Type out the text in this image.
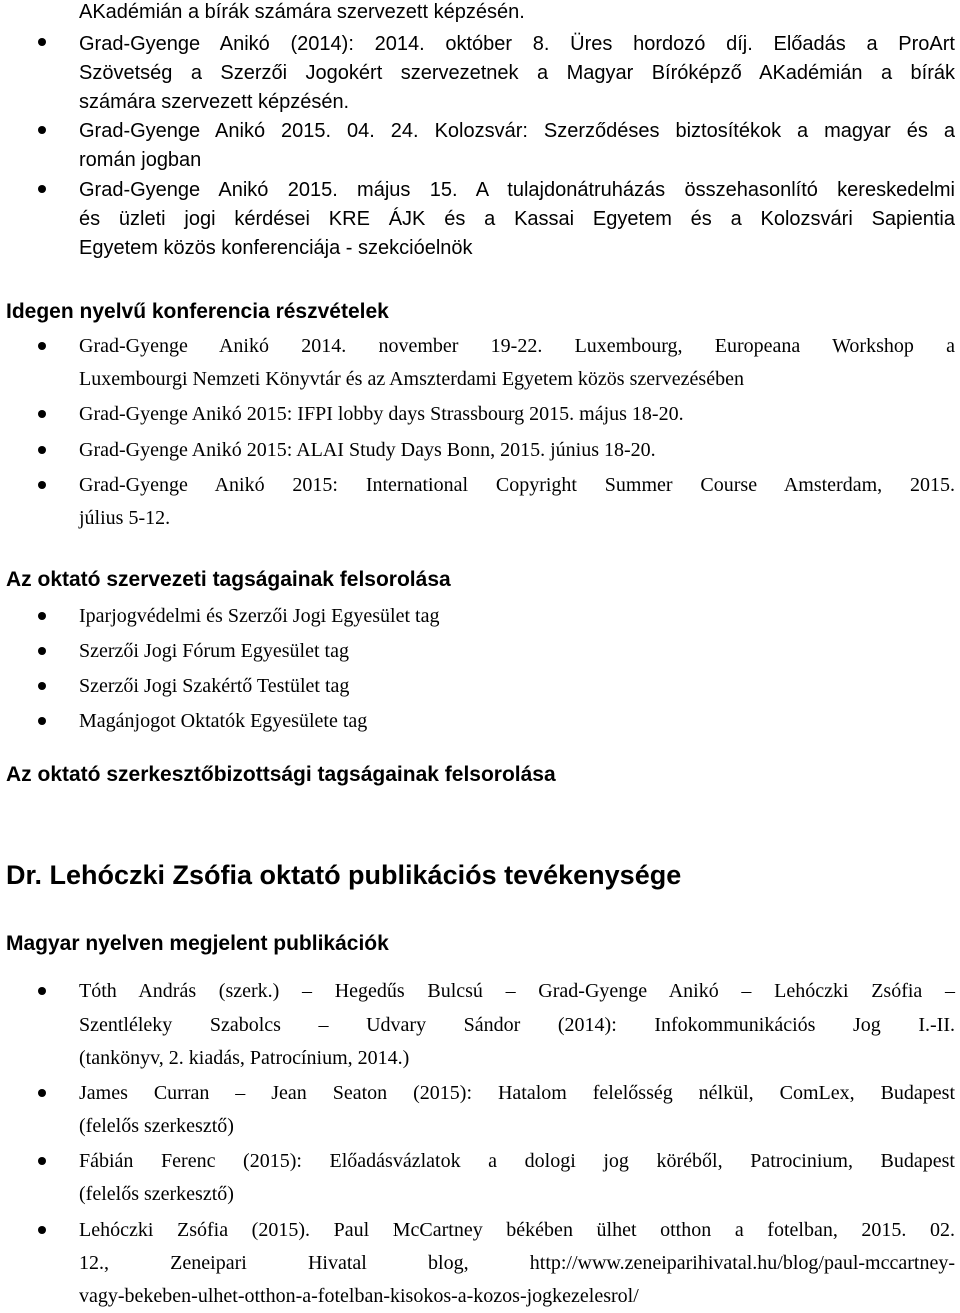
AKadémián a bírák számára szervezett képzésén.
Grad-Gyenge Anikó (2014): 2014. október 8. Üres hordozó díj. Előadás a ProArt
Szövetség a Szerzői Jogokért szervezetnek a Magyar Bíróképző AKadémián a bírák
számára szervezett képzésén.
Grad-Gyenge Anikó 2015. 04. 24. Kolozsvár: Szerződéses biztosítékok a magyar és a
román jogban
Grad-Gyenge Anikó 2015. május 15. A tulajdonátruházás összehasonlító kereskedelmi
és üzleti jogi kérdései KRE ÁJK és a Kassai Egyetem és a Kolozsvári Sapientia
Egyetem közös konferenciája - szekcióelnök
Idegen nyelvű konferencia részvételek
Grad-Gyenge Anikó 2014. november 19-22. Luxembourg, Europeana Workshop a
Luxembourgi Nemzeti Könyvtár és az Amszterdami Egyetem közös szervezésében
Grad-Gyenge Anikó 2015: IFPI lobby days Strassbourg 2015. május 18-20.
Grad-Gyenge Anikó 2015: ALAI Study Days Bonn, 2015. június 18-20.
Grad-Gyenge Anikó 2015: International Copyright Summer Course Amsterdam, 2015.
július 5-12.
Az oktató szervezeti tagságainak felsorolása
Iparjogvédelmi és Szerzői Jogi Egyesület tag
Szerzői Jogi Fórum Egyesület tag
Szerzői Jogi Szakértő Testület tag
Magánjogot Oktatók Egyesülete tag
Az oktató szerkesztőbizottsági tagságainak felsorolása
Dr. Lehóczki Zsófia oktató publikációs tevékenysége
Magyar nyelven megjelent publikációk
Tóth András (szerk.) – Hegedűs Bulcsú – Grad-Gyenge Anikó – Lehóczki Zsófia –
Szentléleky Szabolcs – Udvary Sándor (2014): Infokommunikációs Jog I.-II.
(tankönyv, 2. kiadás, Patrocínium, 2014.)
James Curran – Jean Seaton (2015): Hatalom felelősség nélkül, ComLex, Budapest
(felelős szerkesztő)
Fábián Ferenc (2015): Előadásvázlatok a dologi jog köréből, Patrocinium, Budapest
(felelős szerkesztő)
Lehóczki Zsófia (2015). Paul McCartney békében ülhet otthon a fotelban, 2015. 02.
12., Zeneipari Hivatal blog, http://www.zeneiparihivatal.hu/blog/paul-mccartney-
vagy-bekeben-ulhet-otthon-a-fotelban-kisokos-a-kozos-jogkezelesrol/
